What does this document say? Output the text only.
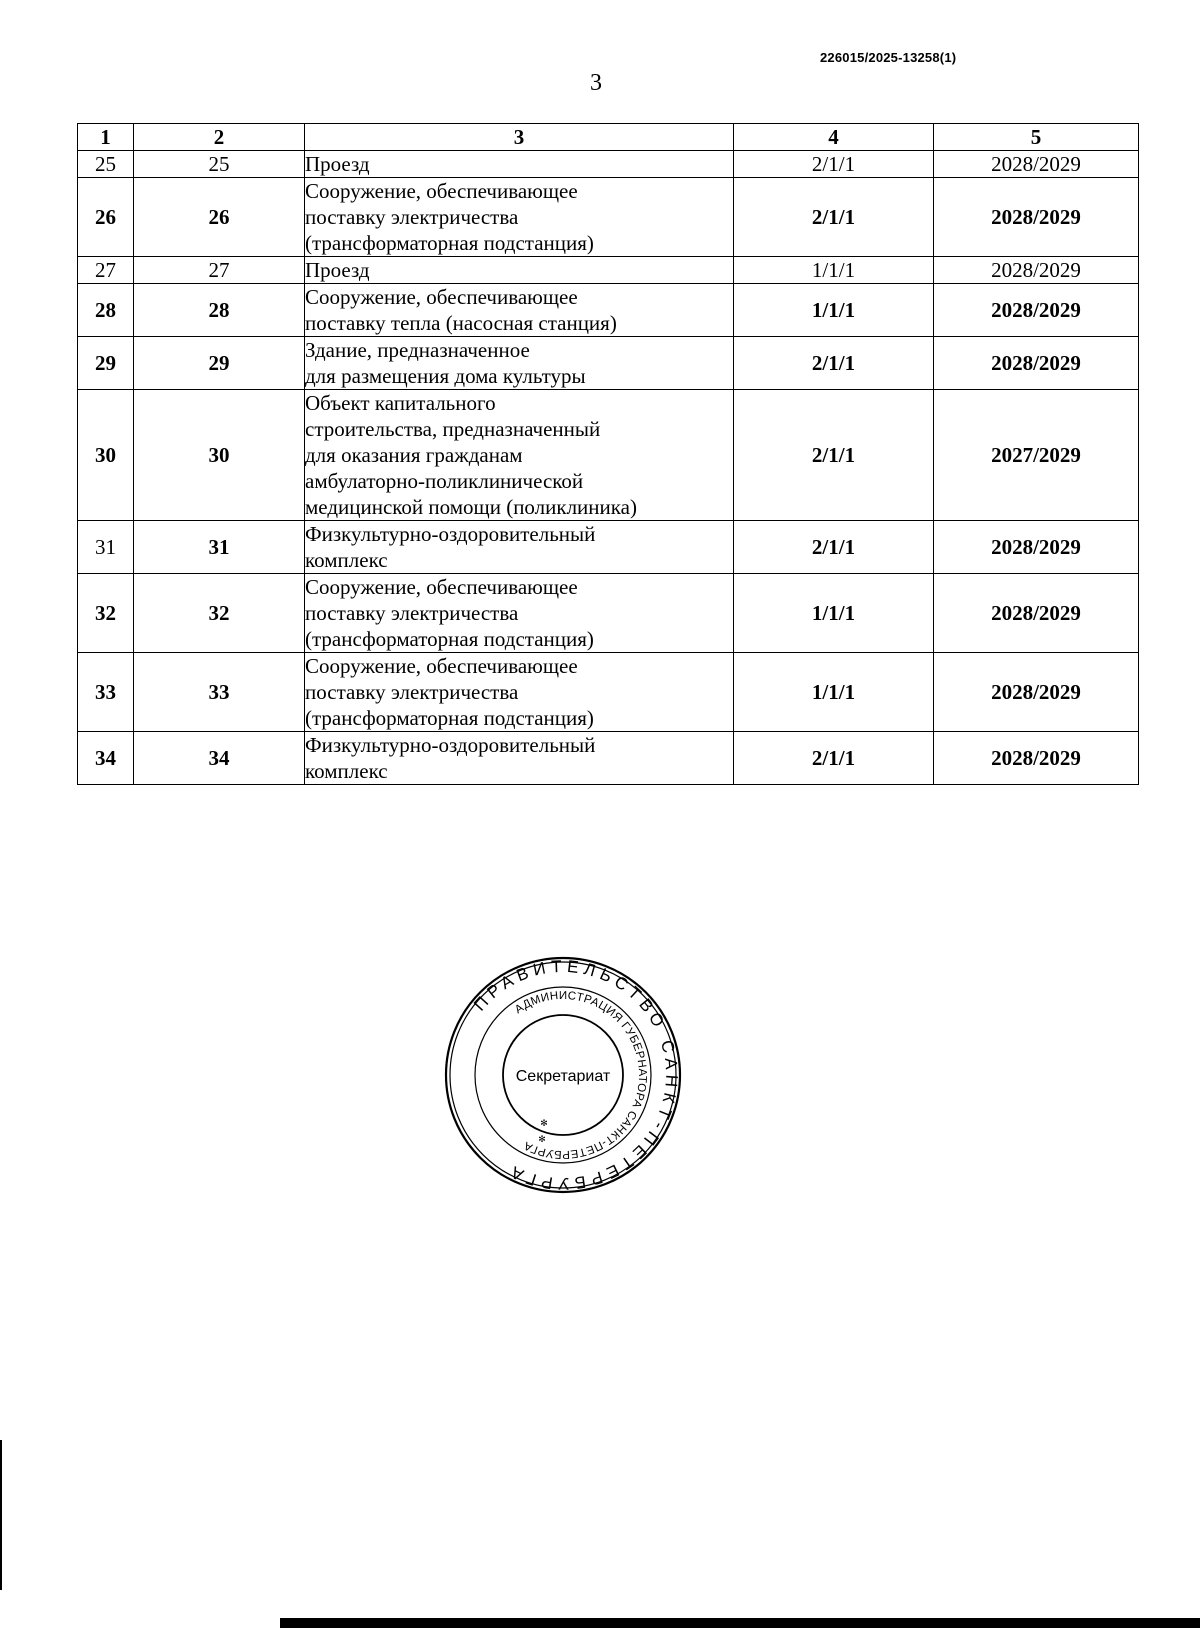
226015/2025-13258(1)
3
1	2	3	4	5
25	25	Проезд	2/1/1	2028/2029
26	26	Сооружение, обеспечивающее
поставку электричества
(трансформаторная подстанция)	2/1/1	2028/2029
27	27	Проезд	1/1/1	2028/2029
28	28	Сооружение, обеспечивающее
поставку тепла (насосная станция)	1/1/1	2028/2029
29	29	Здание, предназначенное
для размещения дома культуры	2/1/1	2028/2029
30	30	Объект капитального
строительства, предназначенный
для оказания гражданам
амбулаторно-поликлинической
медицинской помощи (поликлиника)	2/1/1	2027/2029
31	31	Физкультурно-оздоровительный
комплекс	2/1/1	2028/2029
32	32	Сооружение, обеспечивающее
поставку электричества
(трансформаторная подстанция)	1/1/1	2028/2029
33	33	Сооружение, обеспечивающее
поставку электричества
(трансформаторная подстанция)	1/1/1	2028/2029
34	34	Физкультурно-оздоровительный
комплекс	2/1/1	2028/2029
ПРАВИТЕЛЬСТВО САНКТ-ПЕТЕРБУРГА
АДМИНИСТРАЦИЯ ГУБЕРНАТОРА САНКТ-ПЕТЕРБУРГА
Секретариат
✻
✻
